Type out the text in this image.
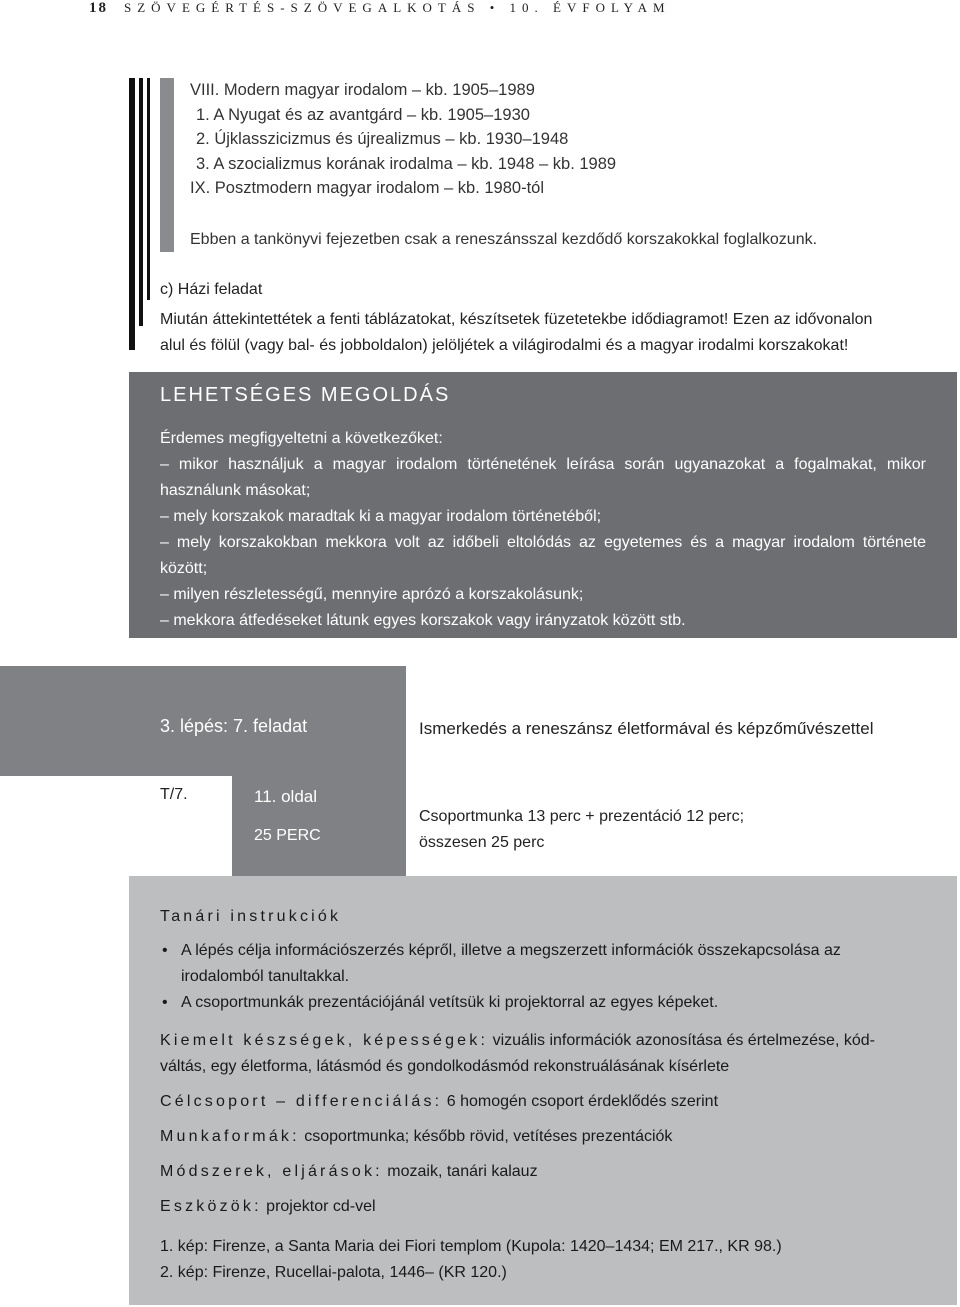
18 SZÖVEGÉRTÉS-SZÖVEGALKOTÁS • 10. ÉVFOLYAM
VIII. Modern magyar irodalom – kb. 1905–1989
1. A Nyugat és az avantgárd – kb. 1905–1930
2. Újklasszicizmus és újrealizmus – kb. 1930–1948
3. A szocializmus korának irodalma – kb. 1948 – kb. 1989
IX. Posztmodern magyar irodalom – kb. 1980-tól
Ebben a tankönyvi fejezetben csak a reneszánsszal kezdődő korszakokkal foglalkozunk.
c) Házi feladat
Miután áttekintettétek a fenti táblázatokat, készítsetek füzetetekbe idődiagramot! Ezen az idővonalon
alul és fölül (vagy bal- és jobboldalon) jelöljétek a világirodalmi és a magyar irodalmi korszakokat!
LEHETSÉGES MEGOLDÁS

Érdemes megfigyeltetni a következőket:

– mikor használjuk a magyar irodalom történetének leírása során ugyanazokat a fogalmakat, mikor használunk másokat;

– mely korszakok maradtak ki a magyar irodalom történetéből;

– mely korszakokban mekkora volt az időbeli eltolódás az egyetemes és a magyar irodalom története között;

– milyen részletességű, mennyire aprózó a korszakolásunk;

– mekkora átfedéseket látunk egyes korszakok vagy irányzatok között stb.

3. lépés: 7. feladat	Ismerkedés a reneszánsz életformával és képzőművészettel
T/7.	11. oldal
25 PERC
Csoportmunka 13 perc + prezentáció 12 perc;
összesen 25 perc
Tanári instrukciók
• A lépés célja információszerzés képről, illetve a megszerzett információk összekapcsolása az
irodalomból tanultakkal.
• A csoportmunkák prezentációjánál vetítsük ki projektorral az egyes képeket.
Kiemelt készségek, képességek: vizuális információk azonosítása és értelmezése, kód-
váltás, egy életforma, látásmód és gondolkodásmód rekonstruálásának kísérlete
Célcsoport – differenciálás: 6 homogén csoport érdeklődés szerint
Munkaformák: csoportmunka; később rövid, vetítéses prezentációk
Módszerek, eljárások: mozaik, tanári kalauz
Eszközök: projektor cd-vel
1. kép: Firenze, a Santa Maria dei Fiori templom (Kupola: 1420–1434; EM 217., KR 98.)
2. kép: Firenze, Rucellai-palota, 1446– (KR 120.)
